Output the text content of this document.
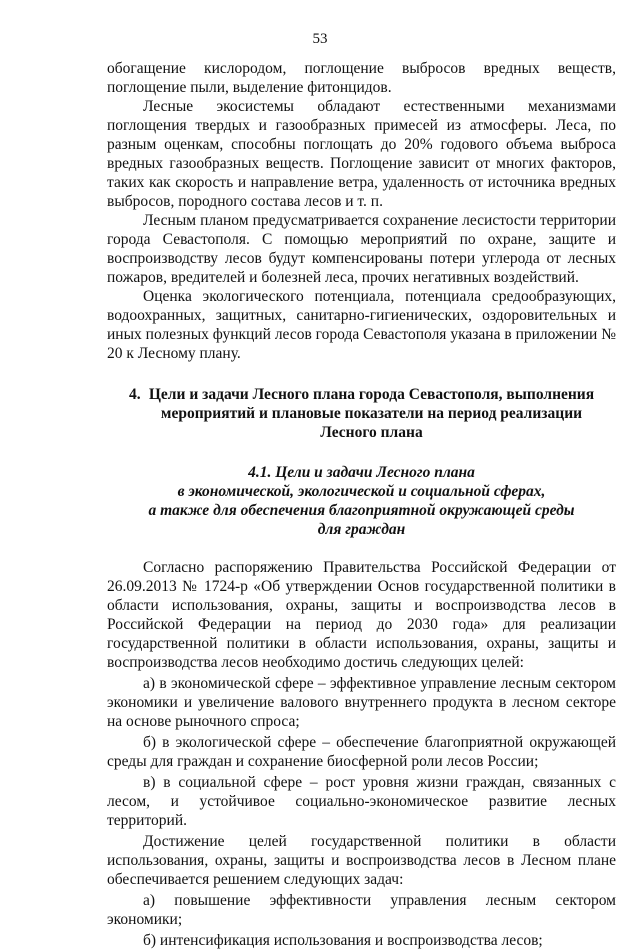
53

обогащение кислородом, поглощение выбросов вредных веществ, поглощение пыли, выделение фитонцидов.

Лесные экосистемы обладают естественными механизмами поглощения твердых и газообразных примесей из атмосферы. Леса, по разным оценкам, способны поглощать до 20% годового объема выброса вредных газообразных веществ. Поглощение зависит от многих факторов, таких как скорость и направление ветра, удаленность от источника вредных выбросов, породного состава лесов и т. п.

Лесным планом предусматривается сохранение лесистости территории города Севастополя. С помощью мероприятий по охране, защите и воспроизводству лесов будут компенсированы потери углерода от лесных пожаров, вредителей и болезней леса, прочих негативных воздействий.

Оценка экологического потенциала, потенциала средообразующих, водоохранных, защитных, санитарно-гигиенических, оздоровительных и иных полезных функций лесов города Севастополя указана в приложении № 20 к Лесному плану.

4. Цели и задачи Лесного плана города Севастополя, выполнения
мероприятий и плановые показатели на период реализации
Лесного плана
4.1. Цели и задачи Лесного плана
в экономической, экологической и социальной сферах,
а также для обеспечения благоприятной окружающей среды
для граждан

Согласно распоряжению Правительства Российской Федерации от 26.09.2013 № 1724-р «Об утверждении Основ государственной политики в области использования, охраны, защиты и воспроизводства лесов в Российской Федерации на период до 2030 года» для реализации государственной политики в области использования, охраны, защиты и воспроизводства лесов необходимо достичь следующих целей:

а) в экономической сфере – эффективное управление лесным сектором экономики и увеличение валового внутреннего продукта в лесном секторе на основе рыночного спроса;

б) в экологической сфере – обеспечение благоприятной окружающей среды для граждан и сохранение биосферной роли лесов России;

в) в социальной сфере – рост уровня жизни граждан, связанных с лесом, и устойчивое социально-экономическое развитие лесных территорий.

Достижение целей государственной политики в области использования, охраны, защиты и воспроизводства лесов в Лесном плане обеспечивается решением следующих задач:

а) повышение эффективности управления лесным сектором экономики;

б) интенсификация использования и воспроизводства лесов;
